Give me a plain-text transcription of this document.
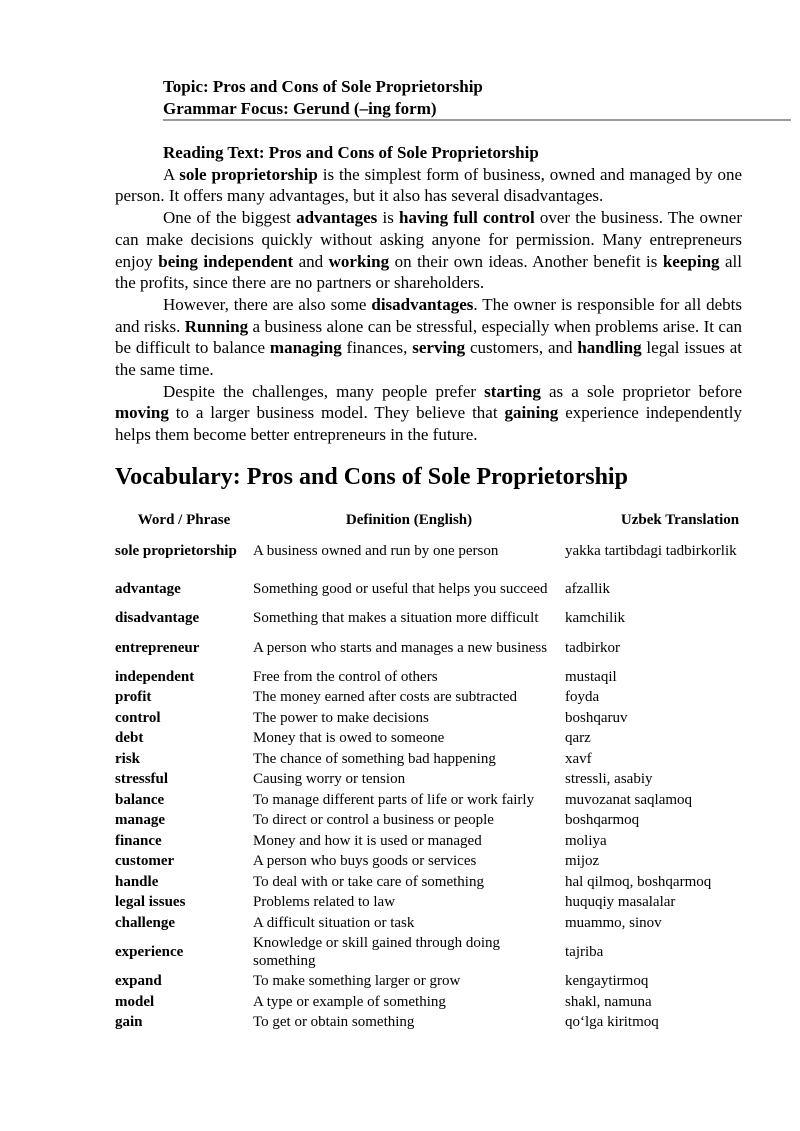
Topic: Pros and Cons of Sole Proprietorship
Grammar Focus: Gerund (–ing form)

Reading Text: Pros and Cons of Sole Proprietorship

A sole proprietorship is the simplest form of business, owned and managed by one person. It offers many advantages, but it also has several disadvantages.

One of the biggest advantages is having full control over the business. The owner can make decisions quickly without asking anyone for permission. Many entrepreneurs enjoy being independent and working on their own ideas. Another benefit is keeping all the profits, since there are no partners or shareholders.

However, there are also some disadvantages. The owner is responsible for all debts and risks. Running a business alone can be stressful, especially when problems arise. It can be difficult to balance managing finances, serving customers, and handling legal issues at the same time.

Despite the challenges, many people prefer starting as a sole proprietor before moving to a larger business model. They believe that gaining experience independently helps them become better entrepreneurs in the future.

Vocabulary: Pros and Cons of Sole Proprietorship
Word / Phrase	Definition (English)	Uzbek Translation
sole proprietorship	A business owned and run by one person	yakka tartibdagi tadbirkorlik
advantage	Something good or useful that helps you succeed	afzallik
disadvantage	Something that makes a situation more difficult	kamchilik
entrepreneur	A person who starts and manages a new business	tadbirkor
independent	Free from the control of others	mustaqil
profit	The money earned after costs are subtracted	foyda
control	The power to make decisions	boshqaruv
debt	Money that is owed to someone	qarz
risk	The chance of something bad happening	xavf
stressful	Causing worry or tension	stressli, asabiy
balance	To manage different parts of life or work fairly	muvozanat saqlamoq
manage	To direct or control a business or people	boshqarmoq
finance	Money and how it is used or managed	moliya
customer	A person who buys goods or services	mijoz
handle	To deal with or take care of something	hal qilmoq, boshqarmoq
legal issues	Problems related to law	huquqiy masalalar
challenge	A difficult situation or task	muammo, sinov
experience	Knowledge or skill gained through doing something	tajriba
expand	To make something larger or grow	kengaytirmoq
model	A type or example of something	shakl, namuna
gain	To get or obtain something	qo‘lga kiritmoq
